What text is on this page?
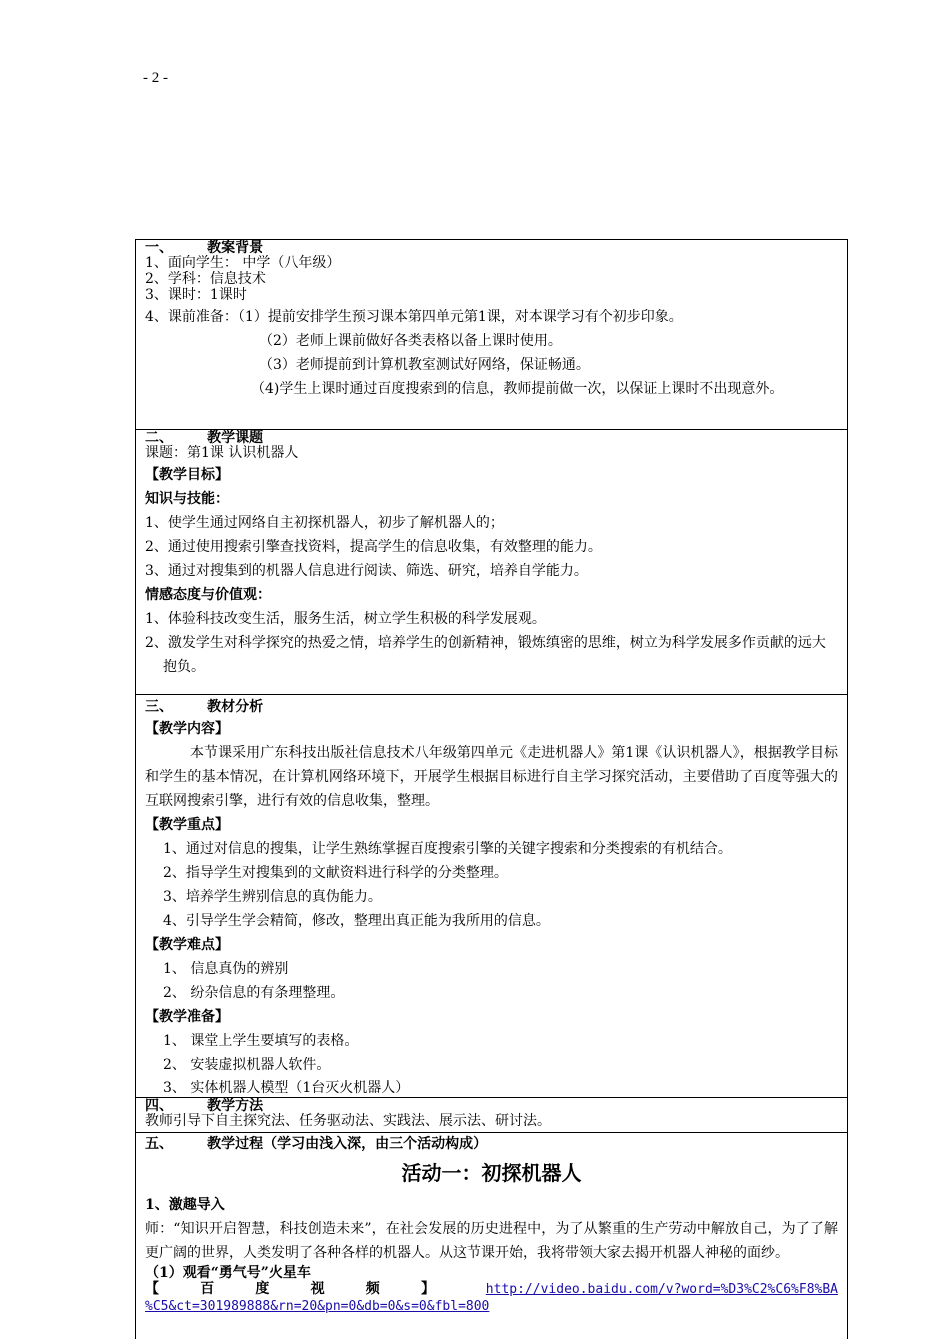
- 2 -
一、       教案背景
1、面向学生： 中学（八年级）
2、学科：信息技术
3、课时：1课时
4、课前准备：（1）提前安排学生预习课本第四单元第1课，对本课学习有个初步印象。
（2）老师上课前做好各类表格以备上课时使用。
（3）老师提前到计算机教室测试好网络，保证畅通。
（4)学生上课时通过百度搜索到的信息，教师提前做一次，以保证上课时不出现意外。
二、       教学课题
课题：第1课 认识机器人
【教学目标】
知识与技能：
1、使学生通过网络自主初探机器人，初步了解机器人的；
2、通过使用搜索引擎查找资料，提高学生的信息收集，有效整理的能力。
3、通过对搜集到的机器人信息进行阅读、筛选、研究，培养自学能力。
情感态度与价值观：
1、体验科技改变生活，服务生活，树立学生积极的科学发展观。
2、激发学生对科学探究的热爱之情，培养学生的创新精神，锻炼缜密的思维，树立为科学发展多作贡献的远大抱负。
三、       教材分析
【教学内容】
本节课采用广东科技出版社信息技术八年级第四单元《走进机器人》第1课《认识机器人》，根据教学目标和学生的基本情况，在计算机网络环境下，开展学生根据目标进行自主学习探究活动，主要借助了百度等强大的互联网搜索引擎，进行有效的信息收集，整理。
【教学重点】
1、通过对信息的搜集，让学生熟练掌握百度搜索引擎的关键字搜索和分类搜索的有机结合。
2、指导学生对搜集到的文献资料进行科学的分类整理。
3、培养学生辨别信息的真伪能力。
4、引导学生学会精简，修改，整理出真正能为我所用的信息。
【教学难点】
1、 信息真伪的辨别
2、 纷杂信息的有条理整理。
【教学准备】
1、 课堂上学生要填写的表格。
2、 安装虚拟机器人软件。
3、 实体机器人模型（1台灭火机器人）
四、       教学方法
教师引导下自主探究法、任务驱动法、实践法、展示法、研讨法。
五、       教学过程（学习由浅入深，由三个活动构成）
活动一：初探机器人
1、激趣导入
师：“知识开启智慧，科技创造未来”，在社会发展的历史进程中，为了从繁重的生产劳动中解放自己，为了了解更广阔的世界，人类发明了各种各样的机器人。从这节课开始，我将带领大家去揭开机器人神秘的面纱。
（1）观看“勇气号”火星车
【	百	度	视	频	】	http://video.baidu.com/v?word=%D3%C2%C6%F8%BA
%C5&ct=301989888&rn=20&pn=0&db=0&s=0&fbl=800
